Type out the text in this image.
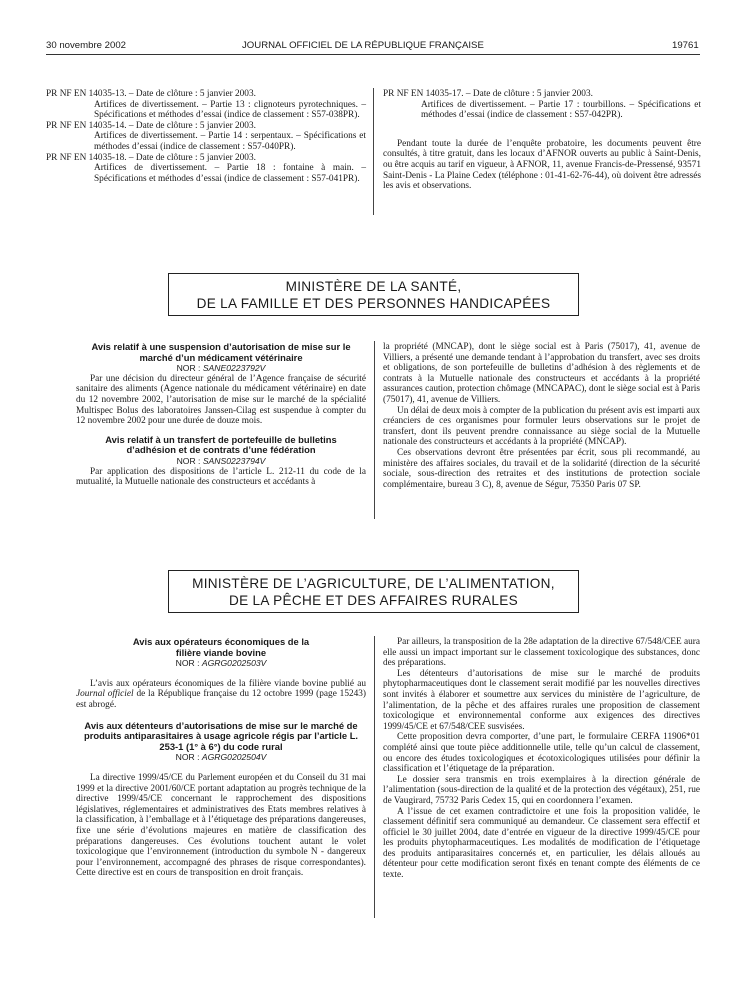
30 novembre 2002	JOURNAL OFFICIEL DE LA RÉPUBLIQUE FRANÇAISE	19761
PR NF EN 14035-13. – Date de clôture : 5 janvier 2003.
Artifices de divertissement. – Partie 13 : clignoteurs pyrotechniques. – Spécifications et méthodes d’essai (indice de classement : S57-038PR).
PR NF EN 14035-14. – Date de clôture : 5 janvier 2003.
Artifices de divertissement. – Partie 14 : serpentaux. – Spécifications et méthodes d’essai (indice de classement : S57-040PR).
PR NF EN 14035-18. – Date de clôture : 5 janvier 2003.
Artifices de divertissement. – Partie 18 : fontaine à main. – Spécifications et méthodes d’essai (indice de classement : S57-041PR).
PR NF EN 14035-17. – Date de clôture : 5 janvier 2003.
Artifices de divertissement. – Partie 17 : tourbillons. – Spécifications et méthodes d’essai (indice de classement : S57-042PR).

Pendant toute la durée de l’enquête probatoire, les documents peuvent être consultés, à titre gratuit, dans les locaux d’AFNOR ouverts au public à Saint-Denis, ou être acquis au tarif en vigueur, à AFNOR, 11, avenue Francis-de-Pressensé, 93571 Saint-Denis - La Plaine Cedex (téléphone : 01-41-62-76-44), où doivent être adressés les avis et observations.

MINISTÈRE DE LA SANTÉ,
DE LA FAMILLE ET DES PERSONNES HANDICAPÉES

Avis relatif à une suspension d’autorisation de mise sur le marché d’un médicament vétérinaire

NOR : SANE0223792V

Par une décision du directeur général de l’Agence française de sécurité sanitaire des aliments (Agence nationale du médicament vétérinaire) en date du 12 novembre 2002, l’autorisation de mise sur le marché de la spécialité Multispec Bolus des laboratoires Janssen-Cilag est suspendue à compter du 12 novembre 2002 pour une durée de douze mois.

Avis relatif à un transfert de portefeuille de bulletins d’adhésion et de contrats d’une fédération

NOR : SANS0223794V

Par application des dispositions de l’article L. 212-11 du code de la mutualité, la Mutuelle nationale des constructeurs et accédants à

la propriété (MNCAP), dont le siège social est à Paris (75017), 41, avenue de Villiers, a présenté une demande tendant à l’approbation du transfert, avec ses droits et obligations, de son portefeuille de bulletins d’adhésion à des règlements et de contrats à la Mutuelle nationale des constructeurs et accédants à la propriété assurances caution, protection chômage (MNCAPAC), dont le siège social est à Paris (75017), 41, avenue de Villiers.

Un délai de deux mois à compter de la publication du présent avis est imparti aux créanciers de ces organismes pour formuler leurs observations sur le projet de transfert, dont ils peuvent prendre connaissance au siège social de la Mutuelle nationale des constructeurs et accédants à la propriété (MNCAP).

Ces observations devront être présentées par écrit, sous pli recommandé, au ministère des affaires sociales, du travail et de la solidarité (direction de la sécurité sociale, sous-direction des retraites et des institutions de protection sociale complémentaire, bureau 3 C), 8, avenue de Ségur, 75350 Paris 07 SP.

MINISTÈRE DE L’AGRICULTURE, DE L’ALIMENTATION,
DE LA PÊCHE ET DES AFFAIRES RURALES

Avis aux opérateurs économiques de la filière viande bovine

NOR : AGRG0202503V

L’avis aux opérateurs économiques de la filière viande bovine publié au Journal officiel de la République française du 12 octobre 1999 (page 15243) est abrogé.

Avis aux détenteurs d’autorisations de mise sur le marché de produits antiparasitaires à usage agricole régis par l’article L. 253-1 (1° à 6°) du code rural

NOR : AGRG0202504V

La directive 1999/45/CE du Parlement européen et du Conseil du 31 mai 1999 et la directive 2001/60/CE portant adaptation au progrès technique de la directive 1999/45/CE concernant le rapprochement des dispositions législatives, réglementaires et administratives des Etats membres relatives à la classification, à l’emballage et à l’étiquetage des préparations dangereuses, fixe une série d’évolutions majeures en matière de classification des préparations dangereuses. Ces évolutions touchent autant le volet toxicologique que l’environnement (introduction du symbole N - dangereux pour l’environnement, accompagné des phrases de risque correspondantes). Cette directive est en cours de transposition en droit français.

Par ailleurs, la transposition de la 28e adaptation de la directive 67/548/CEE aura elle aussi un impact important sur le classement toxicologique des substances, donc des préparations.

Les détenteurs d’autorisations de mise sur le marché de produits phytopharmaceutiques dont le classement serait modifié par les nouvelles directives sont invités à élaborer et soumettre aux services du ministère de l’agriculture, de l’alimentation, de la pêche et des affaires rurales une proposition de classement toxicologique et environnemental conforme aux exigences des directives 1999/45/CE et 67/548/CEE susvisées.

Cette proposition devra comporter, d’une part, le formulaire CERFA 11906*01 complété ainsi que toute pièce additionnelle utile, telle qu’un calcul de classement, ou encore des études toxicologiques et écotoxicologiques utilisées pour définir la classification et l’étiquetage de la préparation.

Le dossier sera transmis en trois exemplaires à la direction générale de l’alimentation (sous-direction de la qualité et de la protection des végétaux), 251, rue de Vaugirard, 75732 Paris Cedex 15, qui en coordonnera l’examen.

A l’issue de cet examen contradictoire et une fois la proposition validée, le classement définitif sera communiqué au demandeur. Ce classement sera effectif et officiel le 30 juillet 2004, date d’entrée en vigueur de la directive 1999/45/CE pour les produits phytopharmaceutiques. Les modalités de modification de l’étiquetage des produits antiparasitaires concernés et, en particulier, les délais alloués au détenteur pour cette modification seront fixés en tenant compte des éléments de ce texte.
